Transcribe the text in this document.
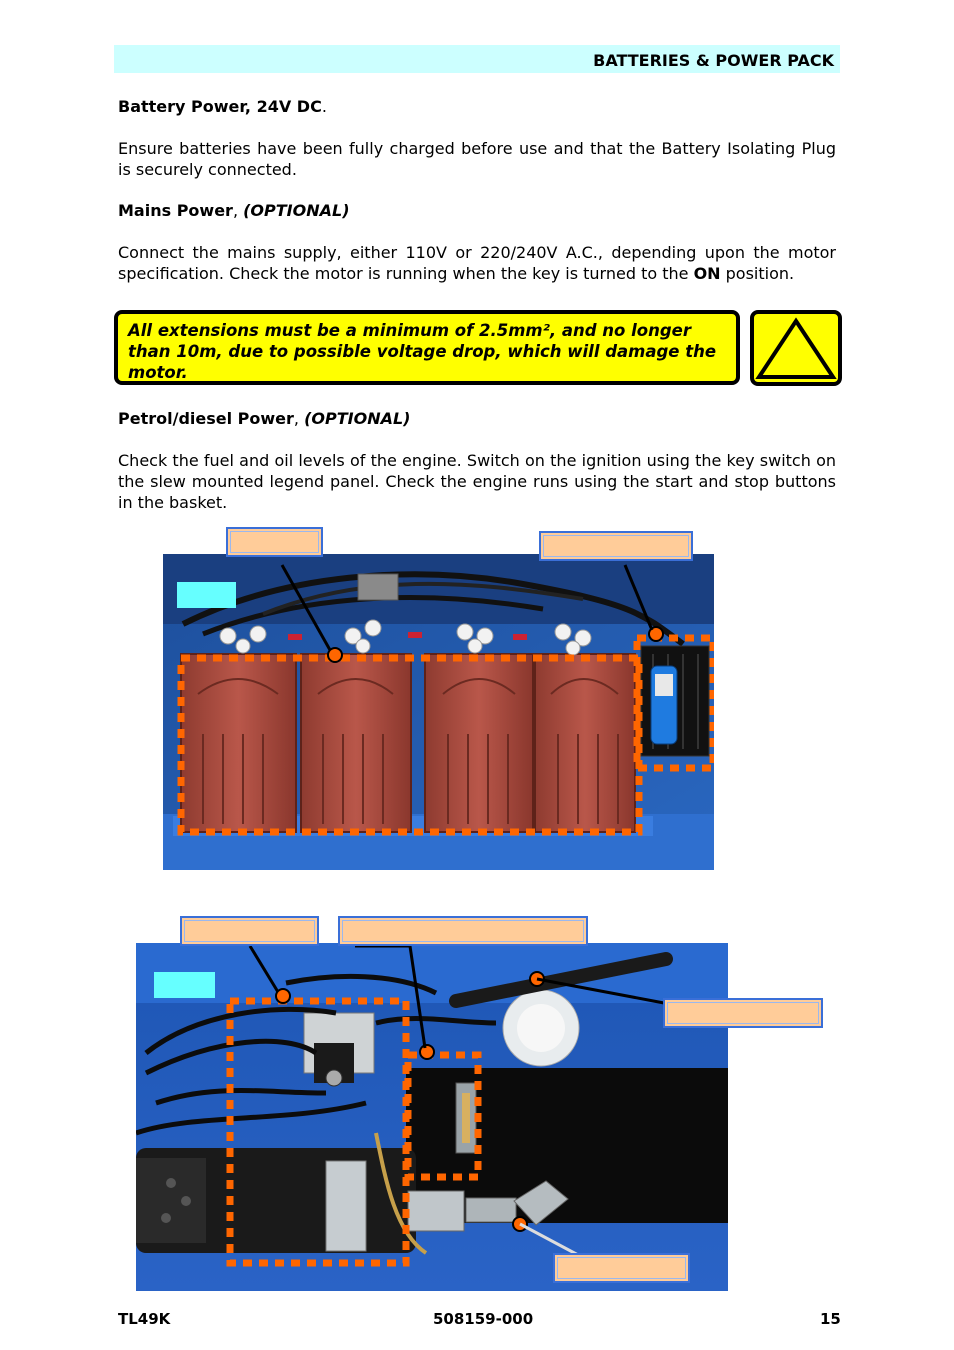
BATTERIES & POWER PACK

Battery Power, 24V DC.

Ensure batteries have been fully charged before use and that the Battery Isolating Plug is securely connected.

Mains Power, (OPTIONAL)

Connect the mains supply, either 110V or 220/240V A.C., depending upon the motor specification. Check the motor is running when the key is turned to the ON position.

All extensions must be a minimum of 2.5mm², and no longer than 10m, due to possible voltage drop, which will damage the motor.

Petrol/diesel Power, (OPTIONAL)

Check the fuel and oil levels of the engine. Switch on the ignition using the key switch on the slew mounted legend panel. Check the engine runs using the start and stop buttons in the basket.

TL49K	508159-000	15
